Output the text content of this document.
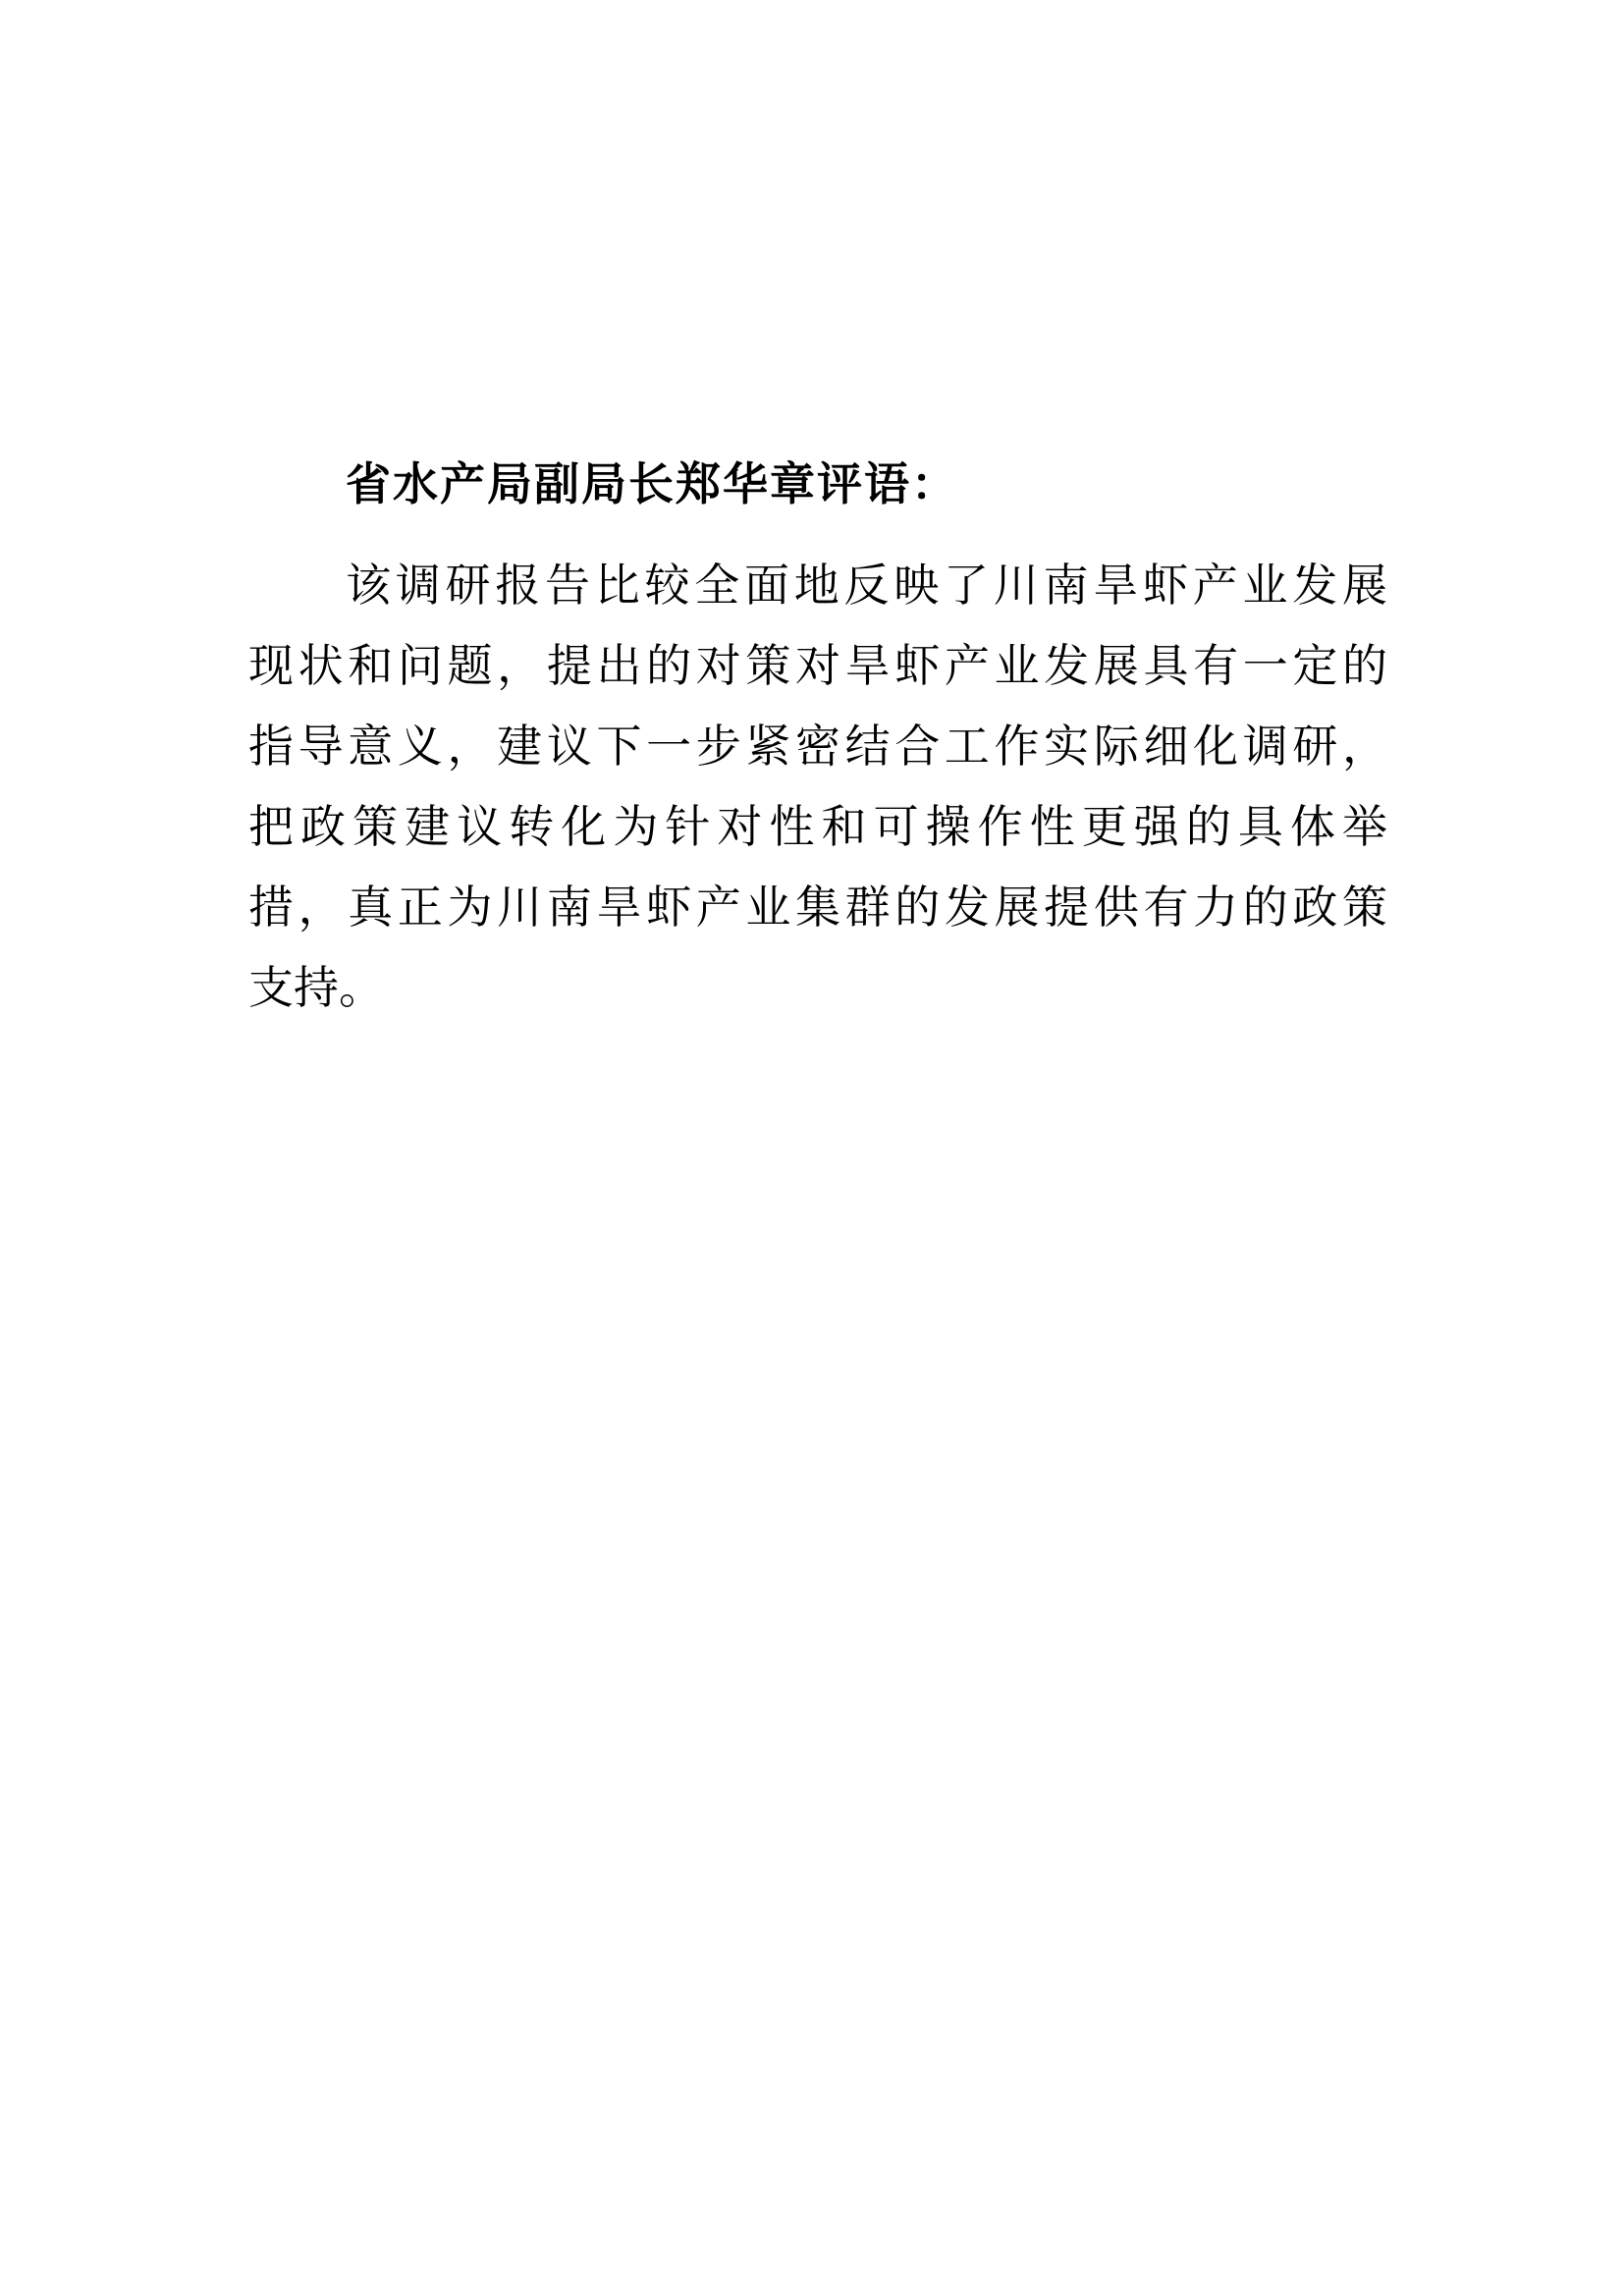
省水产局副局长郑华章评语：
该调研报告比较全面地反映了川南旱虾产业发展
现状和问题，提出的对策对旱虾产业发展具有一定的
指导意义，建议下一步紧密结合工作实际细化调研，
把政策建议转化为针对性和可操作性更强的具体举
措，真正为川南旱虾产业集群的发展提供有力的政策
支持。
